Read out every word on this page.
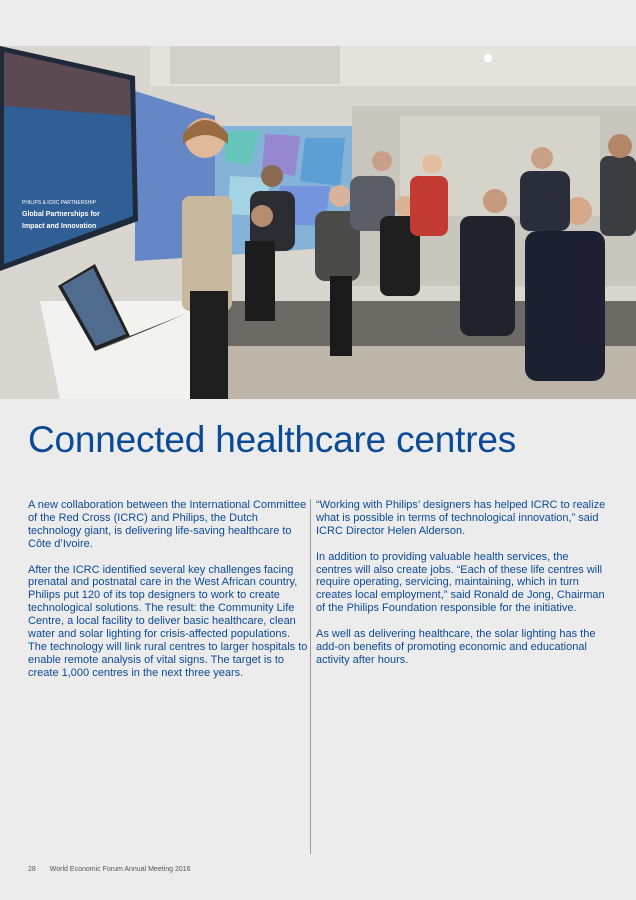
PHILIPS & ICRC PARTNERSHIP
Global Partnerships for
Impact and Innovation
Connected healthcare centres

A new collaboration between the International Committee of the Red Cross (ICRC) and Philips, the Dutch technology giant, is delivering life-saving healthcare to Côte d’Ivoire.

After the ICRC identified several key challenges facing prenatal and postnatal care in the West African country, Philips put 120 of its top designers to work to create technological solutions. The result: the Community Life Centre, a local facility to deliver basic healthcare, clean water and solar lighting for crisis-affected populations. The technology will link rural centres to larger hospitals to enable remote analysis of vital signs. The target is to create 1,000 centres in the next three years.

“Working with Philips’ designers has helped ICRC to realize what is possible in terms of technological innovation,” said ICRC Director Helen Alderson.

In addition to providing valuable health services, the centres will also create jobs. “Each of these life centres will require operating, servicing, maintaining, which in turn creates local employment,” said Ronald de Jong, Chairman of the Philips Foundation responsible for the initiative.

As well as delivering healthcare, the solar lighting has the add-on benefits of promoting economic and educational activity after hours.

28 World Economic Forum Annual Meeting 2016
